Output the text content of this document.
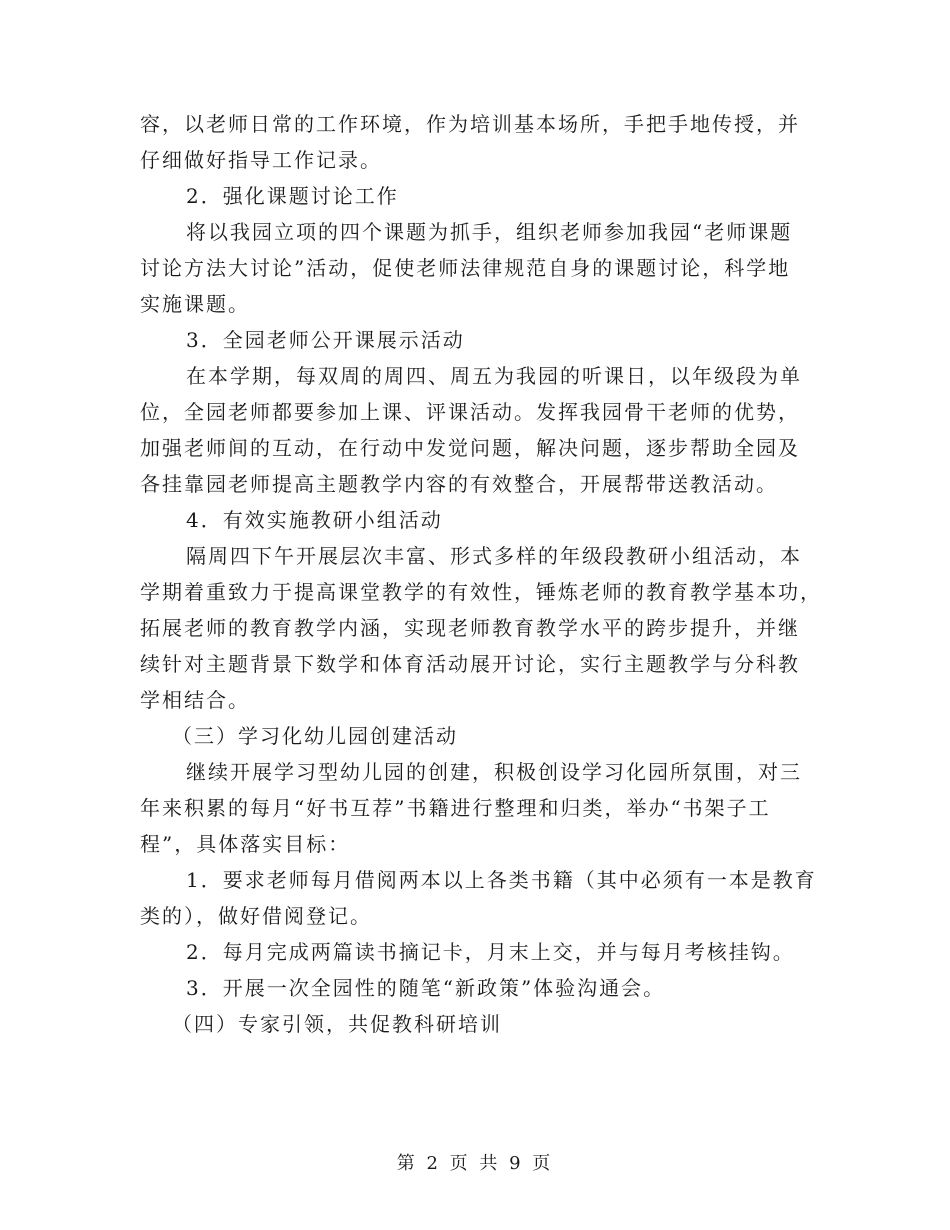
容，以老师日常的工作环境，作为培训基本场所，手把手地传授，并
仔细做好指导工作记录。
2．强化课题讨论工作
将以我园立项的四个课题为抓手，组织老师参加我园“老师课题
讨论方法大讨论”活动，促使老师法律规范自身的课题讨论，科学地
实施课题。
3．全园老师公开课展示活动
在本学期，每双周的周四、周五为我园的听课日，以年级段为单
位，全园老师都要参加上课、评课活动。发挥我园骨干老师的优势，
加强老师间的互动，在行动中发觉问题，解决问题，逐步帮助全园及
各挂靠园老师提高主题教学内容的有效整合，开展帮带送教活动。
4．有效实施教研小组活动
隔周四下午开展层次丰富、形式多样的年级段教研小组活动，本
学期着重致力于提高课堂教学的有效性，锤炼老师的教育教学基本功，
拓展老师的教育教学内涵，实现老师教育教学水平的跨步提升，并继
续针对主题背景下数学和体育活动展开讨论，实行主题教学与分科教
学相结合。
（三）学习化幼儿园创建活动
继续开展学习型幼儿园的创建，积极创设学习化园所氛围，对三
年来积累的每月“好书互荐”书籍进行整理和归类，举办“书架子工
程”，具体落实目标：
1．要求老师每月借阅两本以上各类书籍（其中必须有一本是教育
类的），做好借阅登记。
2．每月完成两篇读书摘记卡，月末上交，并与每月考核挂钩。
3．开展一次全园性的随笔“新政策”体验沟通会。
（四）专家引领，共促教科研培训
第 2 页 共 9 页
